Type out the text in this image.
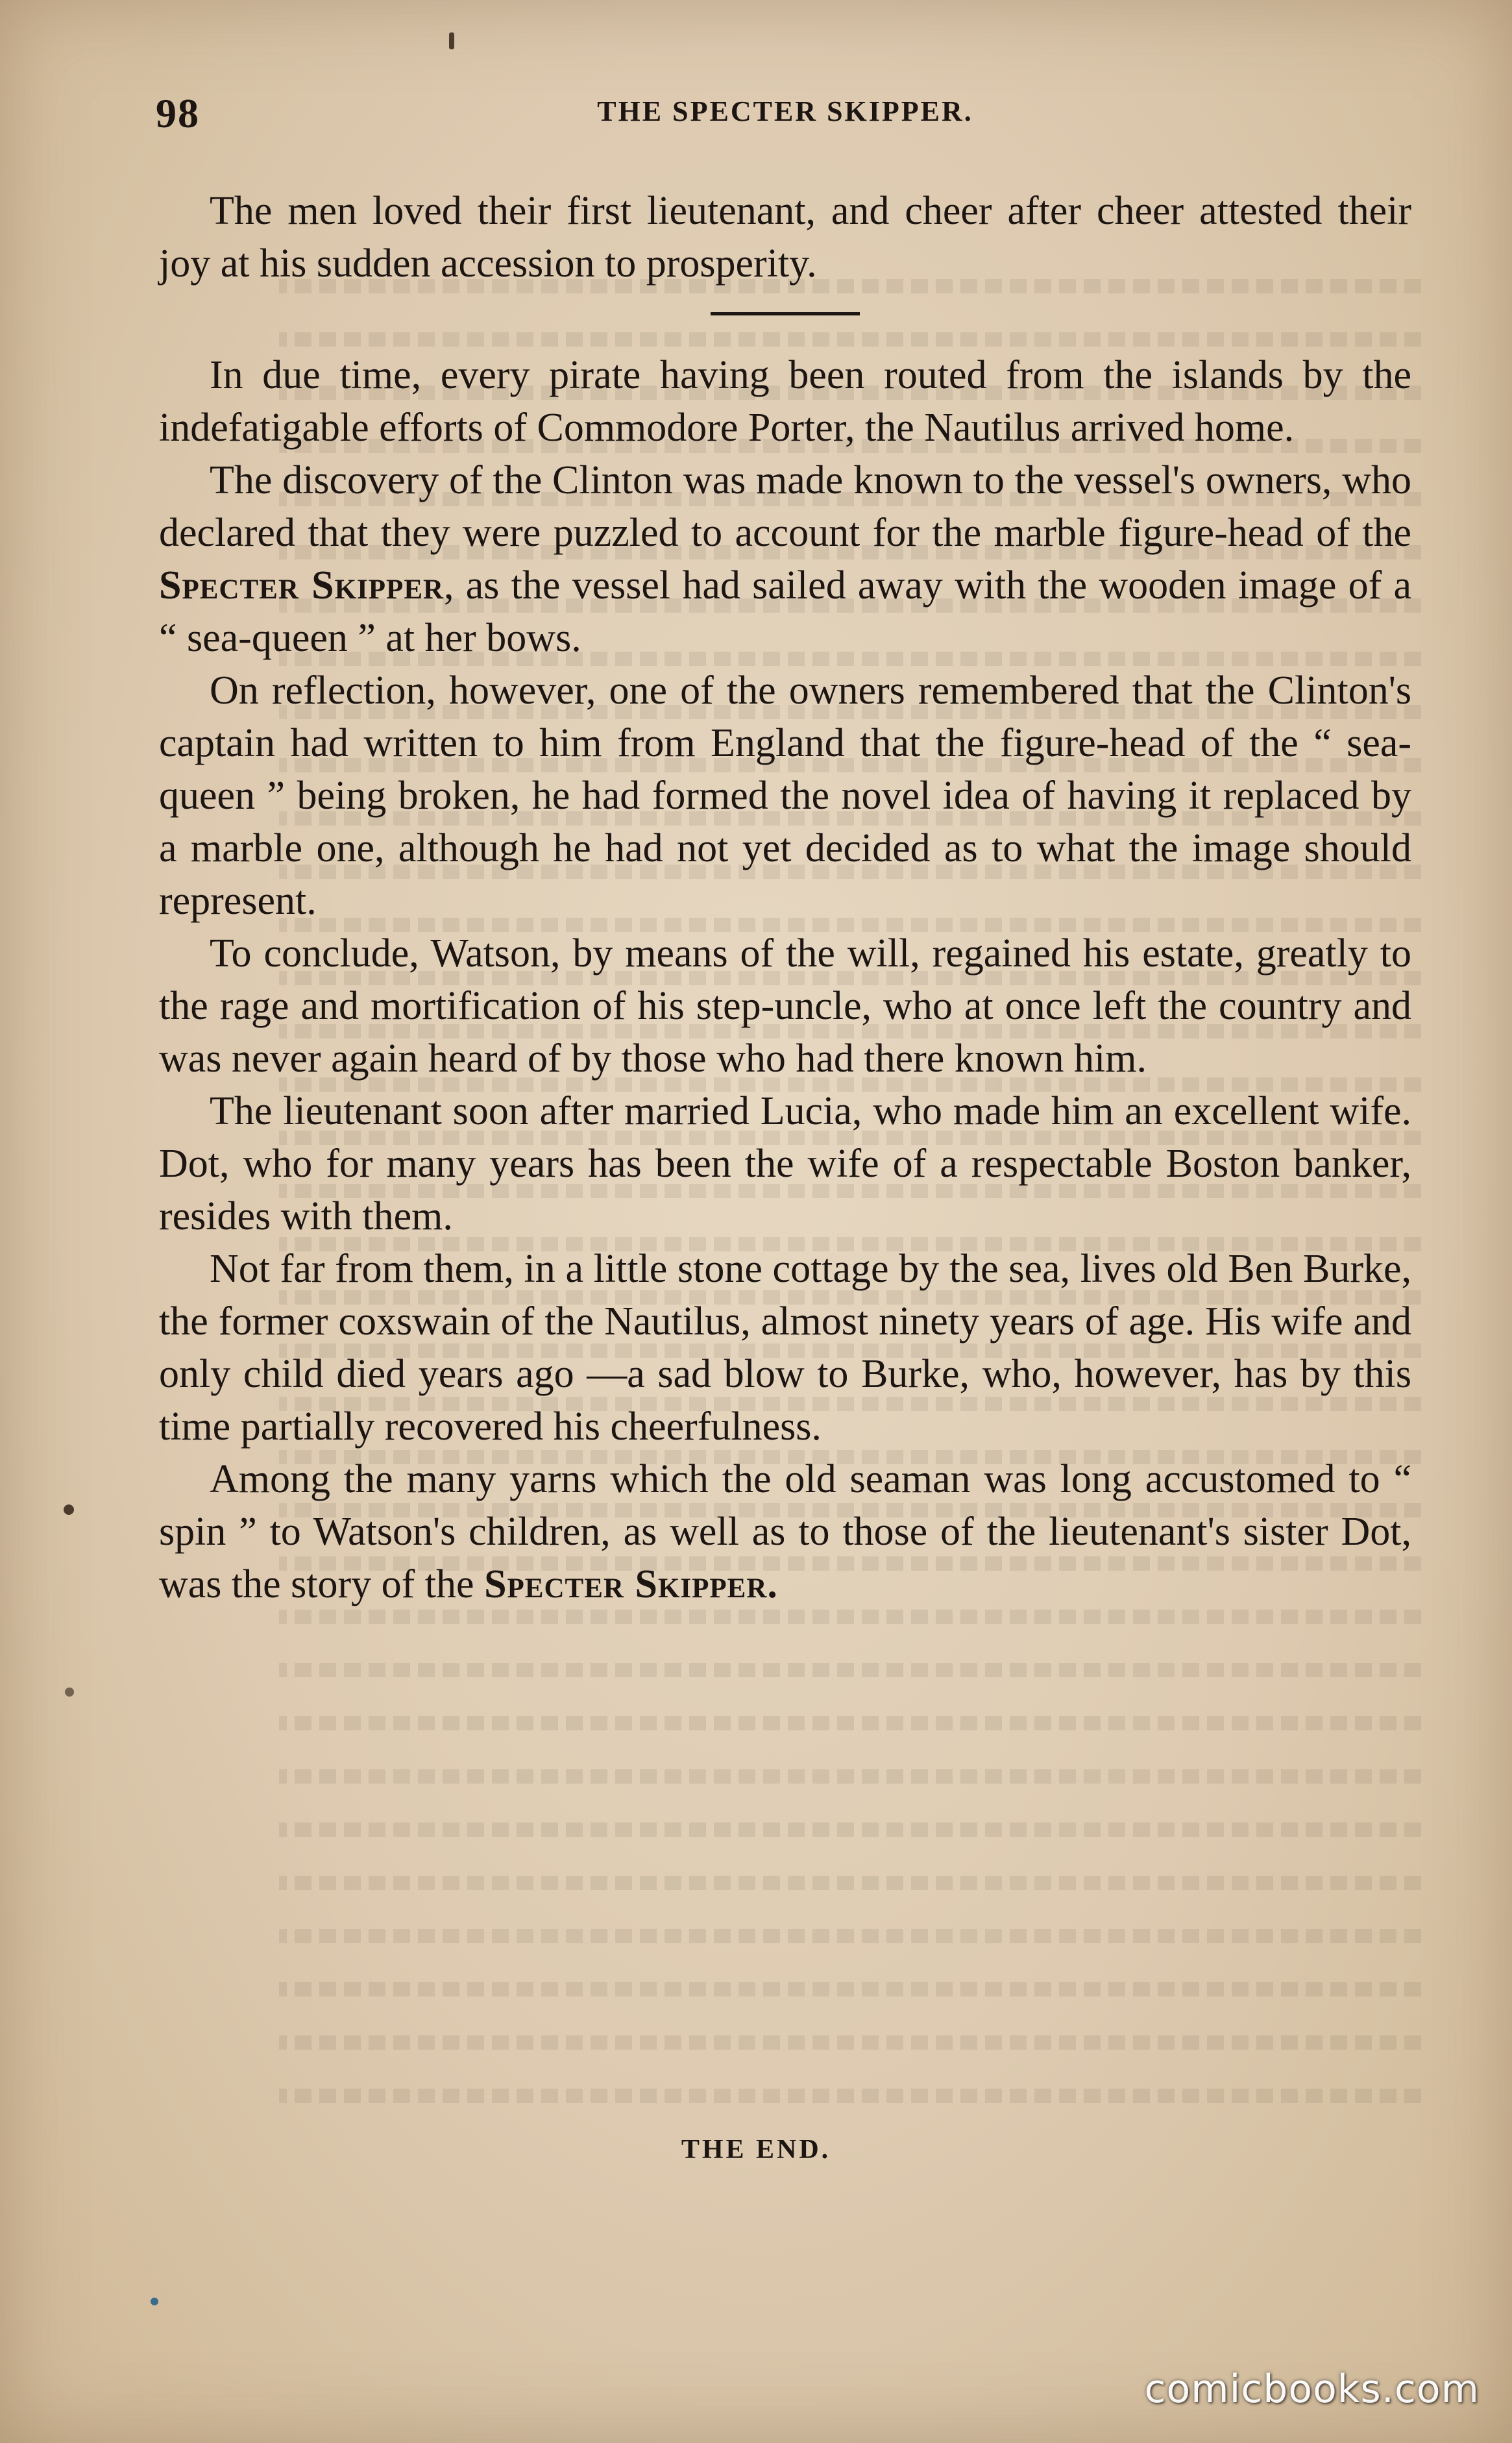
98	THE SPECTER SKIPPER.

The men loved their first lieutenant, and cheer after cheer attested their joy at his sudden accession to prosperity.

In due time, every pirate having been routed from the islands by the indefatigable efforts of Commodore Porter, the Nautilus arrived home.

The discovery of the Clinton was made known to the vessel's owners, who declared that they were puzzled to account for the marble figure-head of the Specter Skipper, as the vessel had sailed away with the wooden image of a “ sea-queen ” at her bows.

On reflection, however, one of the owners remembered that the Clinton's captain had written to him from England that the figure-head of the “ sea-queen ” being broken, he had formed the novel idea of having it replaced by a marble one, although he had not yet decided as to what the image should represent.

To conclude, Watson, by means of the will, regained his estate, greatly to the rage and mortification of his step-uncle, who at once left the country and was never again heard of by those who had there known him.

The lieutenant soon after married Lucia, who made him an excellent wife. Dot, who for many years has been the wife of a respectable Boston banker, resides with them.

Not far from them, in a little stone cottage by the sea, lives old Ben Burke, the former coxswain of the Nautilus, almost ninety years of age. His wife and only child died years ago —a sad blow to Burke, who, however, has by this time partially recovered his cheerfulness.

Among the many yarns which the old seaman was long accustomed to “ spin ” to Watson's children, as well as to those of the lieutenant's sister Dot, was the story of the Specter Skipper.

THE END.
comicbooks.com
